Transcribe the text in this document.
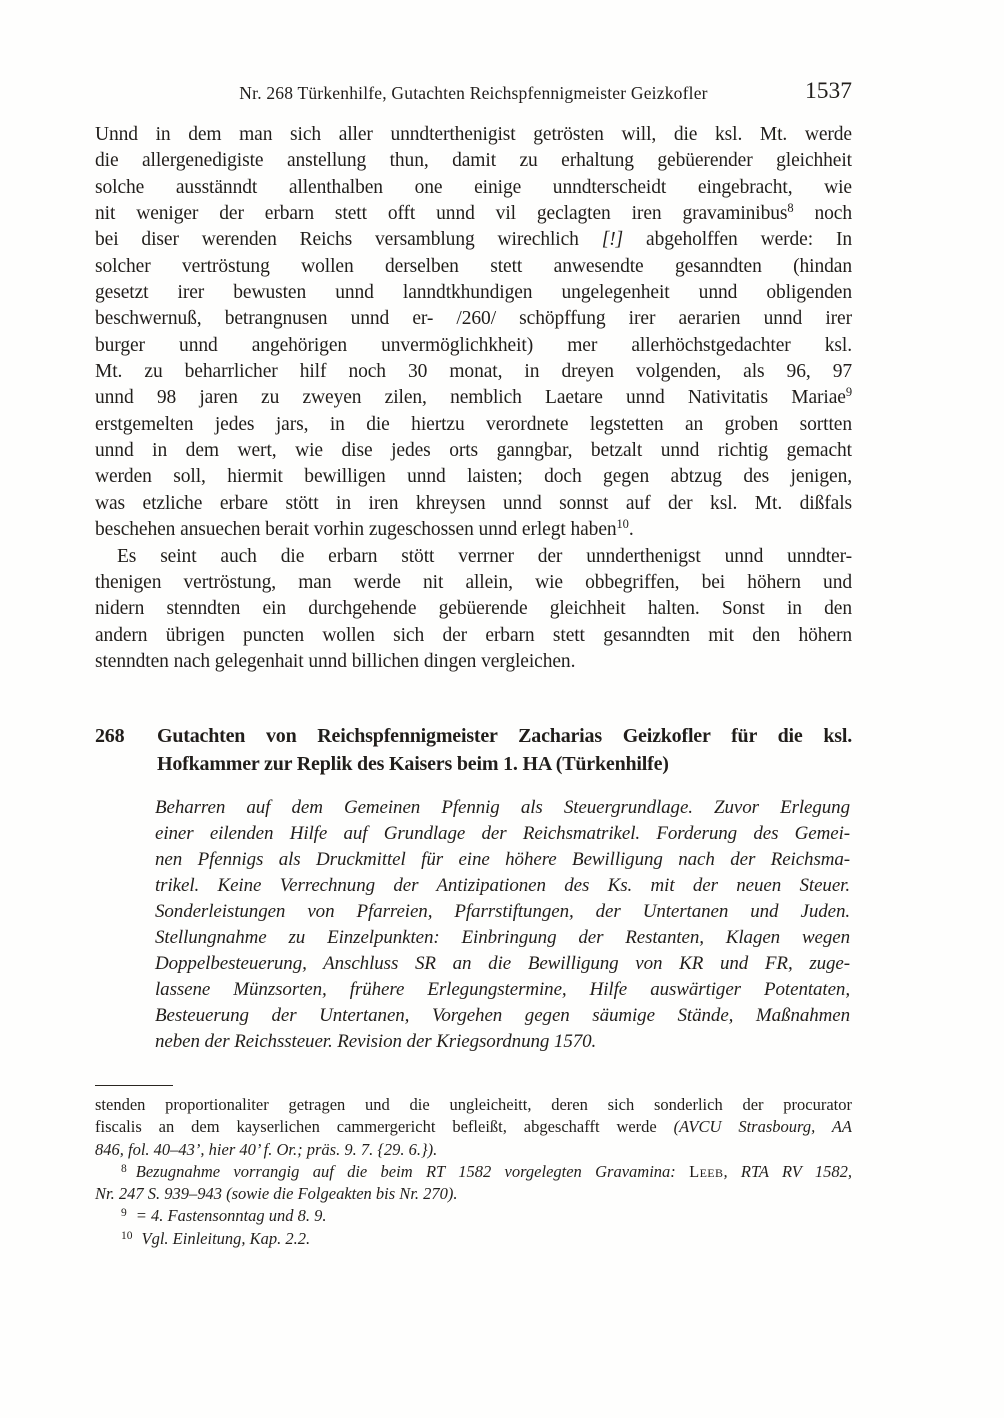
Nr. 268 Türkenhilfe, Gutachten Reichspfennigmeister Geizkofler	1537
Unnd in dem man sich aller unndterthenigist getrösten will, die ksl. Mt. werde
die allergenedigiste anstellung thun, damit zu erhaltung gebüerender gleichheit
solche ausstänndt allenthalben one einige unndterscheidt eingebracht, wie
nit weniger der erbarn stett offt unnd vil geclagten iren gravaminibus$^8$ noch
bei diser werenden Reichs versamblung wirechlich [!] abgeholffen werde: In
solcher vertröstung wollen derselben stett anwesendte gesanndten (hindan
gesetzt irer bewusten unnd lanndtkhundigen ungelegenheit unnd obligenden
beschwernuß, betrangnusen unnd er- /260/ schöpffung irer aerarien unnd irer
burger unnd angehörigen unvermöglichkheit) mer allerhöchstgedachter ksl.
Mt. zu beharrlicher hilf noch 30 monat, in dreyen volgenden, als 96, 97
unnd 98 jaren zu zweyen zilen, nemblich Laetare unnd Nativitatis Mariae$^9$
erstgemelten jedes jars, in die hiertzu verordnete legstetten an groben sortten
unnd in dem wert, wie dise jedes orts ganngbar, betzalt unnd richtig gemacht
werden soll, hiermit bewilligen unnd laisten; doch gegen abtzug des jenigen,
was etzliche erbare stött in iren khreysen unnd sonnst auf der ksl. Mt. dißfals
beschehen ansuechen berait vorhin zugeschossen unnd erlegt haben$^{10}$.
Es seint auch die erbarn stött verrner der unnderthenigst unnd unndter-
thenigen vertröstung, man werde nit allein, wie obbegriffen, bei höhern und
nidern stenndten ein durchgehende gebüerende gleichheit halten. Sonst in den
andern übrigen puncten wollen sich der erbarn stett gesanndten mit den höhern
stenndten nach gelegenhait unnd billichen dingen vergleichen.
268	Gutachten von Reichspfennigmeister Zacharias Geizkofler für die ksl.
Hofkammer zur Replik des Kaisers beim 1. HA (Türkenhilfe)
Beharren auf dem Gemeinen Pfennig als Steuergrundlage. Zuvor Erlegung
einer eilenden Hilfe auf Grundlage der Reichsmatrikel. Forderung des Gemei-
nen Pfennigs als Druckmittel für eine höhere Bewilligung nach der Reichsma-
trikel. Keine Verrechnung der Antizipationen des Ks. mit der neuen Steuer.
Sonderleistungen von Pfarreien, Pfarrstiftungen, der Untertanen und Juden.
Stellungnahme zu Einzelpunkten: Einbringung der Restanten, Klagen wegen
Doppelbesteuerung, Anschluss SR an die Bewilligung von KR und FR, zuge-
lassene Münzsorten, frühere Erlegungstermine, Hilfe auswärtiger Potentaten,
Besteuerung der Untertanen, Vorgehen gegen säumige Stände, Maßnahmen
neben der Reichssteuer. Revision der Kriegsordnung 1570.
stenden proportionaliter getragen und die ungleicheitt, deren sich sonderlich der procurator
fiscalis an dem kayserlichen cammergericht befleißt, abgeschafft werde (AVCU Strasbourg, AA
846, fol. 40–43’, hier 40’ f. Or.; präs. 9. 7. {29. 6.}).
$^8$ Bezugnahme vorrangig auf die beim RT 1582 vorgelegten Gravamina: Leeb, RTA RV 1582,
Nr. 247 S. 939–943 (sowie die Folgeakten bis Nr. 270).
$^9$ = 4. Fastensonntag und 8. 9.
$^{10}$ Vgl. Einleitung, Kap. 2.2.
